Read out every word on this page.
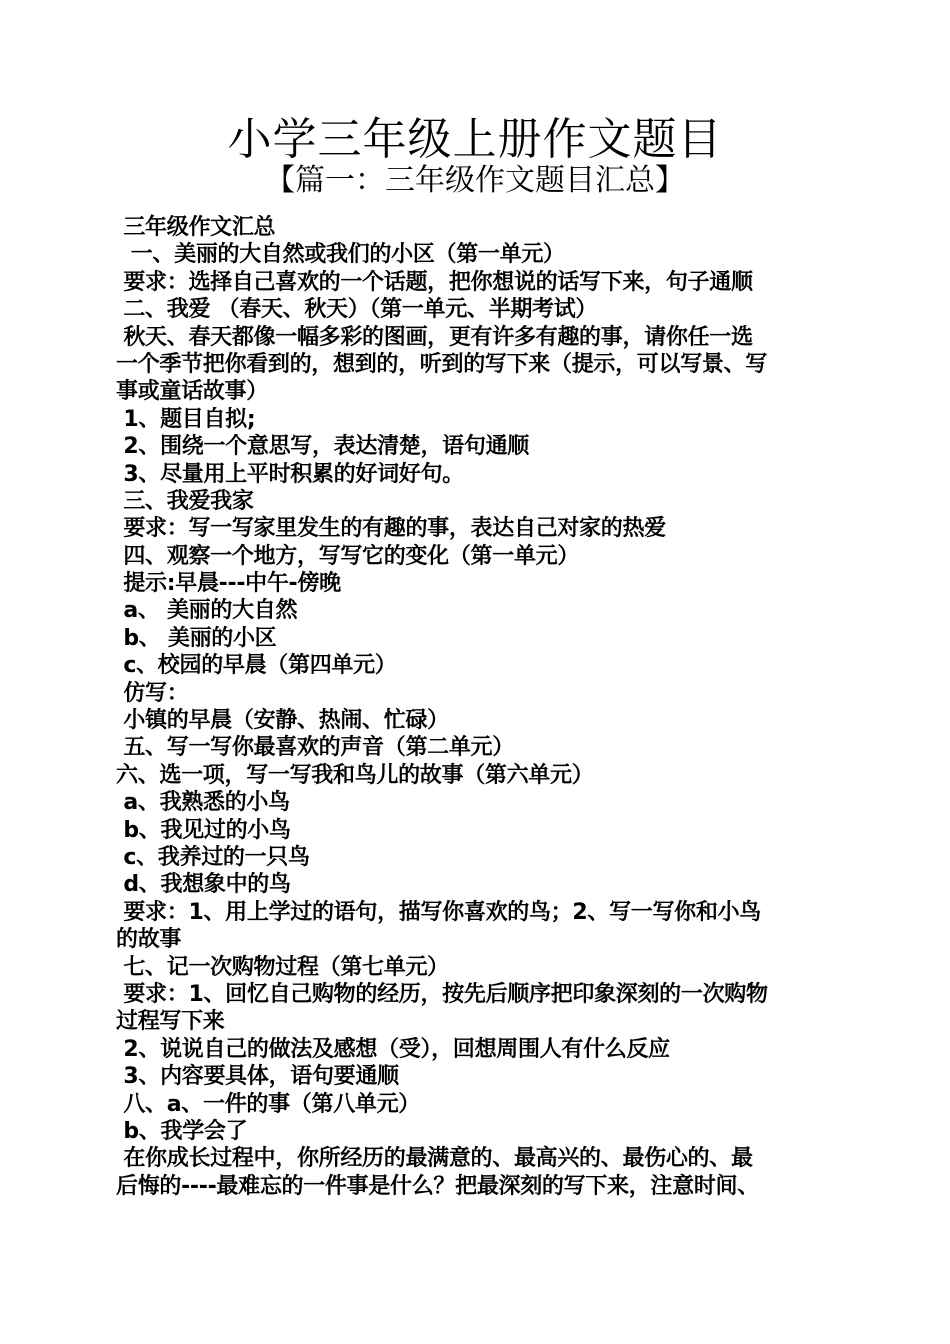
小学三年级上册作文题目
【篇一：三年级作文题目汇总】
三年级作文汇总
一、美丽的大自然或我们的小区（第一单元）
要求：选择自己喜欢的一个话题，把你想说的话写下来，句子通顺
二、我爱 （春天、秋天）（第一单元、半期考试）
秋天、春天都像一幅多彩的图画，更有许多有趣的事，请你任一选
一个季节把你看到的，想到的，听到的写下来（提示，可以写景、写
事或童话故事）
1、题目自拟;
2、围绕一个意思写，表达清楚，语句通顺
3、尽量用上平时积累的好词好句。
三、我爱我家
要求：写一写家里发生的有趣的事，表达自己对家的热爱
四、观察一个地方，写写它的变化（第一单元）
提示:早晨---中午-傍晚
a、 美丽的大自然
b、 美丽的小区
c、校园的早晨（第四单元）
仿写：
小镇的早晨（安静、热闹、忙碌）
五、写一写你最喜欢的声音（第二单元）
六、选一项，写一写我和鸟儿的故事（第六单元）
a、我熟悉的小鸟
b、我见过的小鸟
c、我养过的一只鸟
d、我想象中的鸟
要求：1、用上学过的语句，描写你喜欢的鸟；2、写一写你和小鸟
的故事
七、记一次购物过程（第七单元）
要求：1、回忆自己购物的经历，按先后顺序把印象深刻的一次购物
过程写下来
2、说说自己的做法及感想（受），回想周围人有什么反应
3、内容要具体，语句要通顺
八、a、一件的事（第八单元）
b、我学会了
在你成长过程中，你所经历的最满意的、最高兴的、最伤心的、最
后悔的----最难忘的一件事是什么？把最深刻的写下来，注意时间、
